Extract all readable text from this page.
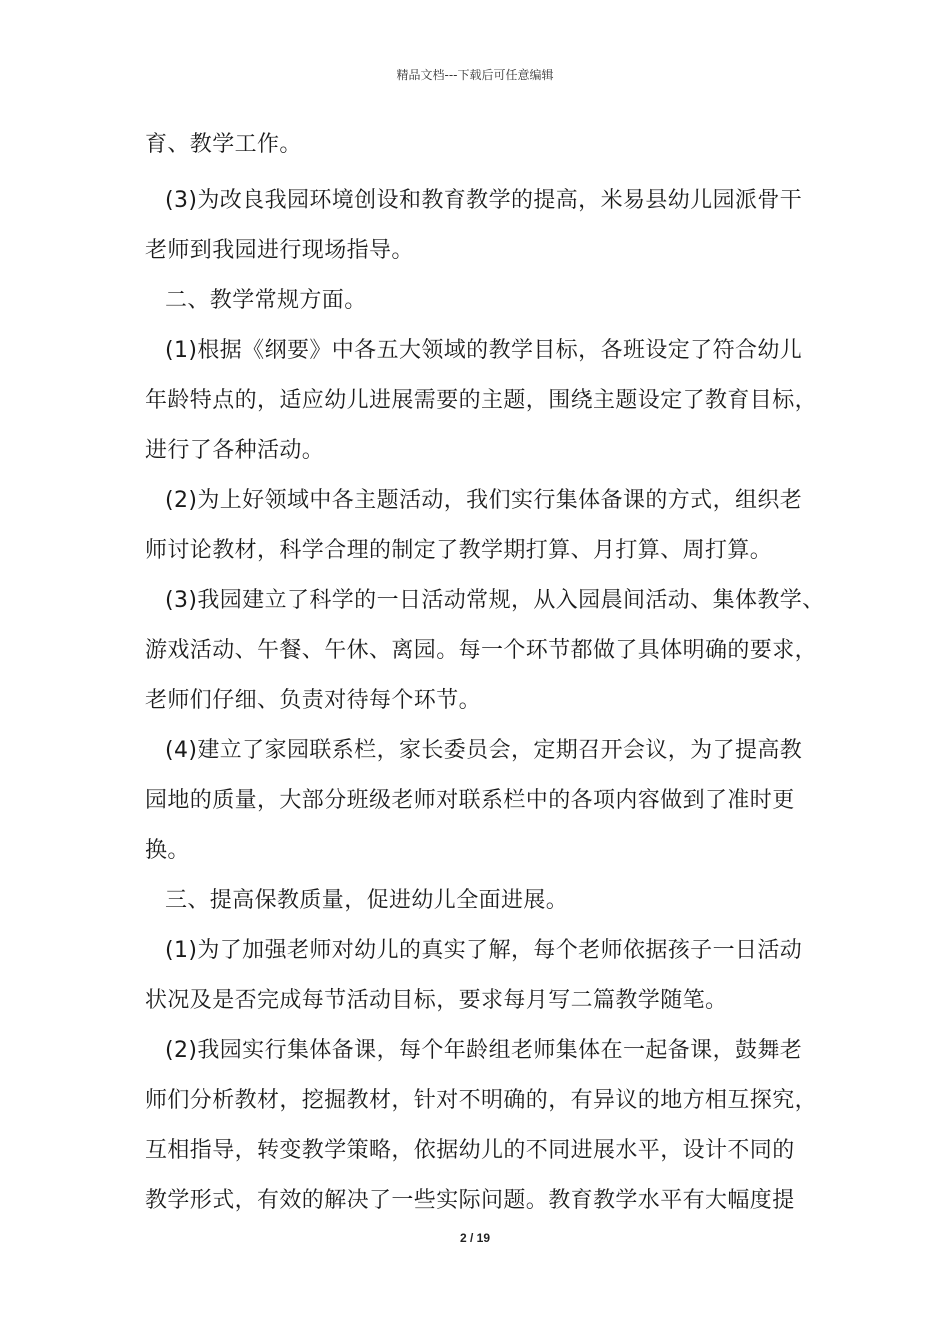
精品文档---下载后可任意编辑
育、教学工作。
(3)为改良我园环境创设和教育教学的提高，米易县幼儿园派骨干
老师到我园进行现场指导。
二、教学常规方面。
(1)根据《纲要》中各五大领域的教学目标，各班设定了符合幼儿
年龄特点的，适应幼儿进展需要的主题，围绕主题设定了教育目标，
进行了各种活动。
(2)为上好领域中各主题活动，我们实行集体备课的方式，组织老
师讨论教材，科学合理的制定了教学期打算、月打算、周打算。
(3)我园建立了科学的一日活动常规，从入园晨间活动、集体教学、
游戏活动、午餐、午休、离园。每一个环节都做了具体明确的要求，
老师们仔细、负责对待每个环节。
(4)建立了家园联系栏，家长委员会，定期召开会议，为了提高教
园地的质量，大部分班级老师对联系栏中的各项内容做到了准时更
换。
三、提高保教质量，促进幼儿全面进展。
(1)为了加强老师对幼儿的真实了解，每个老师依据孩子一日活动
状况及是否完成每节活动目标，要求每月写二篇教学随笔。
(2)我园实行集体备课，每个年龄组老师集体在一起备课，鼓舞老
师们分析教材，挖掘教材，针对不明确的，有异议的地方相互探究，
互相指导，转变教学策略，依据幼儿的不同进展水平，设计不同的
教学形式，有效的解决了一些实际问题。教育教学水平有大幅度提
2 / 19
